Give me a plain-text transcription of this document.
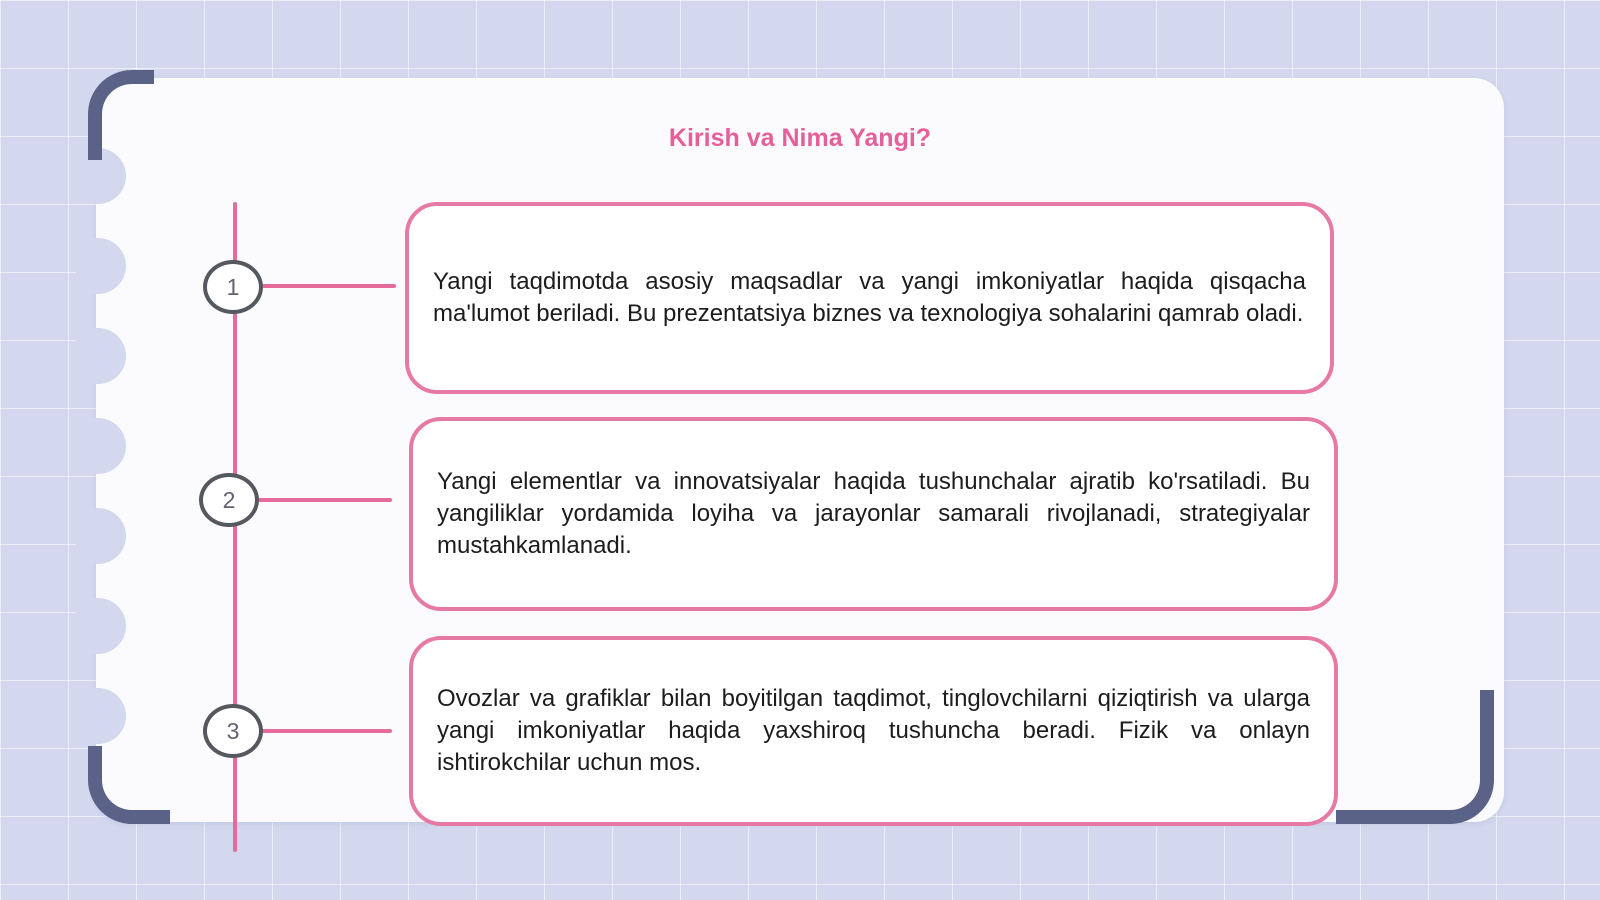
Kirish va Nima Yangi?
1
2
3

Yangi taqdimotda asosiy maqsadlar va yangi imkoniyatlar haqida qisqacha ma'lumot beriladi. Bu prezentatsiya biznes va texnologiya sohalarini qamrab oladi.

Yangi elementlar va innovatsiyalar haqida tushunchalar ajratib ko'rsatiladi. Bu yangiliklar yordamida loyiha va jarayonlar samarali rivojlanadi, strategiyalar mustahkamlanadi.

Ovozlar va grafiklar bilan boyitilgan taqdimot, tinglovchilarni qiziqtirish va ularga yangi imkoniyatlar haqida yaxshiroq tushuncha beradi. Fizik va onlayn ishtirokchilar uchun mos.
